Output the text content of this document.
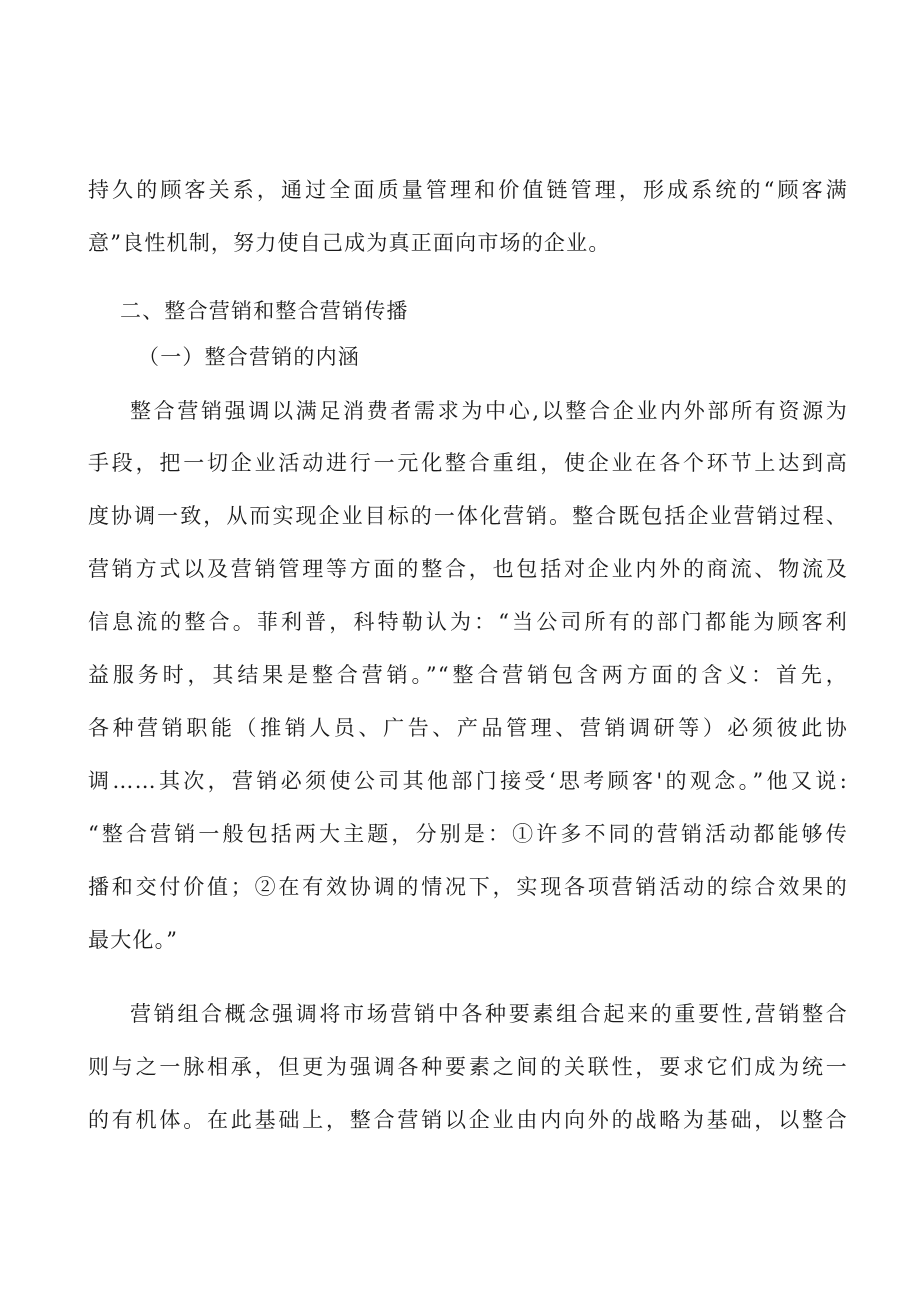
持久的顾客关系，通过全面质量管理和价值链管理，形成系统的“顾客满
意”良性机制，努力使自己成为真正面向市场的企业。
二、整合营销和整合营销传播
（一）整合营销的内涵
整合营销强调以满足消费者需求为中心,以整合企业内外部所有资源为
手段，把一切企业活动进行一元化整合重组，使企业在各个环节上达到高
度协调一致，从而实现企业目标的一体化营销。整合既包括企业营销过程、
营销方式以及营销管理等方面的整合，也包括对企业内外的商流、物流及
信息流的整合。菲利普，科特勒认为：“当公司所有的部门都能为顾客利
益服务时，其结果是整合营销。”“整合营销包含两方面的含义：首先，
各种营销职能（推销人员、广告、产品管理、营销调研等）必须彼此协
调……其次，营销必须使公司其他部门接受‘思考顾客'的观念。”他又说:
“整合营销一般包括两大主题，分别是：①许多不同的营销活动都能够传
播和交付价值；②在有效协调的情况下，实现各项营销活动的综合效果的
最大化。”
营销组合概念强调将市场营销中各种要素组合起来的重要性,营销整合
则与之一脉相承，但更为强调各种要素之间的关联性，要求它们成为统一
的有机体。在此基础上，整合营销以企业由内向外的战略为基础，以整合
